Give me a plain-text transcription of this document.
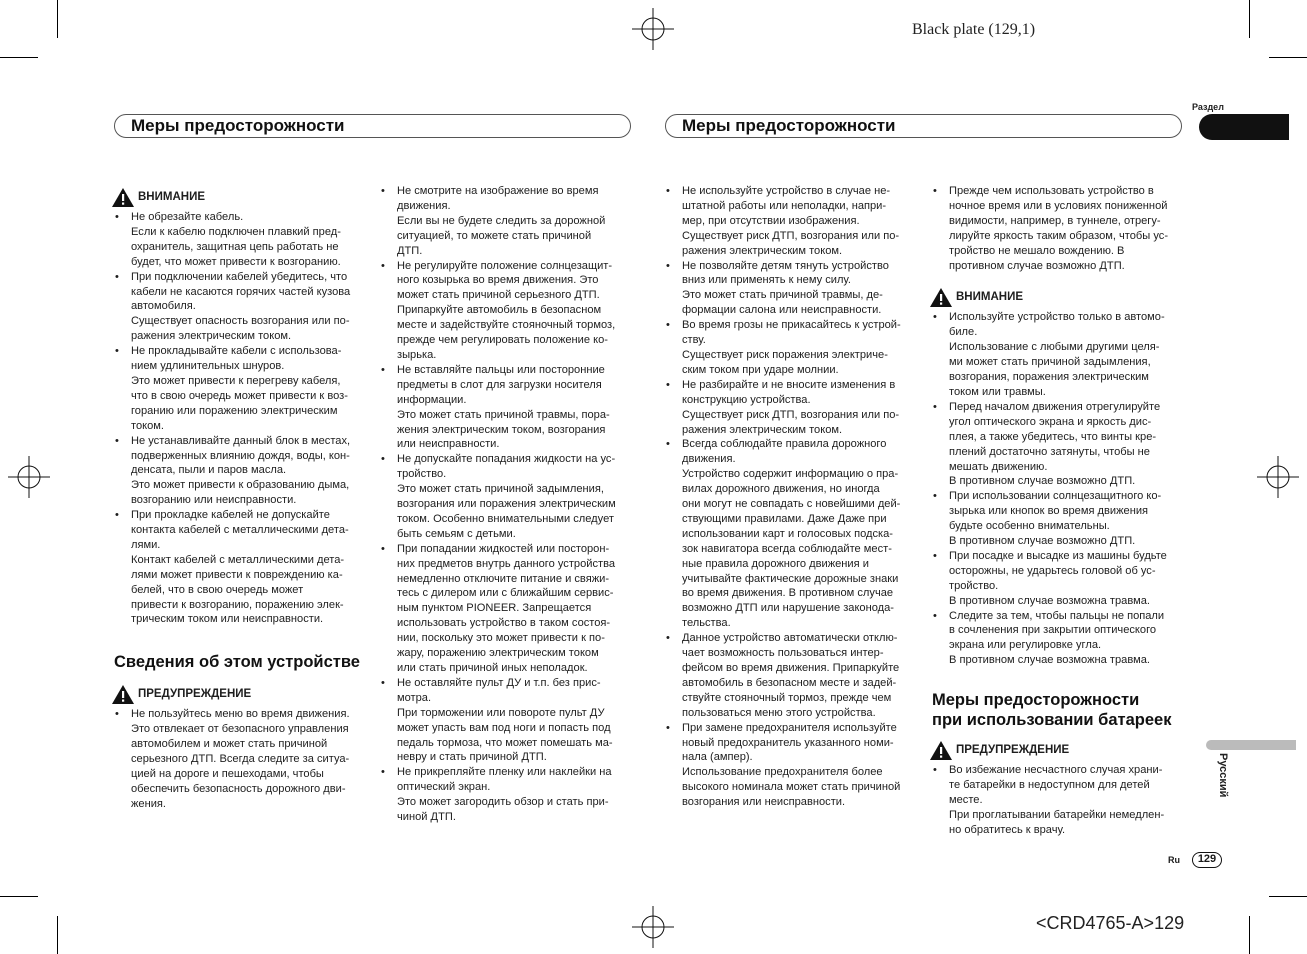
Black plate (129,1)
<CRD4765-A>129
Меры предосторожности	Меры предосторожности
Раздел
Русский
Ru	129
ВНИМАНИЕ
• Не обрезайте кабель.
Если к кабелю подключен плавкий пред-
охранитель, защитная цепь работать не
будет, что может привести к возгоранию.
• При подключении кабелей убедитесь, что
кабели не касаются горячих частей кузова
автомобиля.
Существует опасность возгорания или по-
ражения электрическим током.
• Не прокладывайте кабели с использова-
нием удлинительных шнуров.
Это может привести к перегреву кабеля,
что в свою очередь может привести к воз-
горанию или поражению электрическим
током.
• Не устанавливайте данный блок в местах,
подверженных влиянию дождя, воды, кон-
денсата, пыли и паров масла.
Это может привести к образованию дыма,
возгоранию или неисправности.
• При прокладке кабелей не допускайте
контакта кабелей с металлическими дета-
лями.
Контакт кабелей с металлическими дета-
лями может привести к повреждению ка-
белей, что в свою очередь может
привести к возгоранию, поражению элек-
трическим током или неисправности.
Сведения об этом устройстве
ПРЕДУПРЕЖДЕНИЕ
• Не пользуйтесь меню во время движения.
Это отвлекает от безопасного управления
автомобилем и может стать причиной
серьезного ДТП. Всегда следите за ситуа-
цией на дороге и пешеходами, чтобы
обеспечить безопасность дорожного дви-
жения.
• Не смотрите на изображение во время
движения.
Если вы не будете следить за дорожной
ситуацией, то можете стать причиной
ДТП.
• Не регулируйте положение солнцезащит-
ного козырька во время движения. Это
может стать причиной серьезного ДТП.
Припаркуйте автомобиль в безопасном
месте и задействуйте стояночный тормоз,
прежде чем регулировать положение ко-
зырька.
• Не вставляйте пальцы или посторонние
предметы в слот для загрузки носителя
информации.
Это может стать причиной травмы, пора-
жения электрическим током, возгорания
или неисправности.
• Не допускайте попадания жидкости на ус-
тройство.
Это может стать причиной задымления,
возгорания или поражения электрическим
током. Особенно внимательными следует
быть семьям с детьми.
• При попадании жидкостей или посторон-
них предметов внутрь данного устройства
немедленно отключите питание и свяжи-
тесь с дилером или с ближайшим сервис-
ным пунктом PIONEER. Запрещается
использовать устройство в таком состоя-
нии, поскольку это может привести к по-
жару, поражению электрическим током
или стать причиной иных неполадок.
• Не оставляйте пульт ДУ и т.п. без прис-
мотра.
При торможении или повороте пульт ДУ
может упасть вам под ноги и попасть под
педаль тормоза, что может помешать ма-
невру и стать причиной ДТП.
• Не прикрепляйте пленку или наклейки на
оптический экран.
Это может загородить обзор и стать при-
чиной ДТП.
• Не используйте устройство в случае не-
штатной работы или неполадки, напри-
мер, при отсутствии изображения.
Существует риск ДТП, возгорания или по-
ражения электрическим током.
• Не позволяйте детям тянуть устройство
вниз или применять к нему силу.
Это может стать причиной травмы, де-
формации салона или неисправности.
• Во время грозы не прикасайтесь к устрой-
ству.
Существует риск поражения электриче-
ским током при ударе молнии.
• Не разбирайте и не вносите изменения в
конструкцию устройства.
Существует риск ДТП, возгорания или по-
ражения электрическим током.
• Всегда соблюдайте правила дорожного
движения.
Устройство содержит информацию о пра-
вилах дорожного движения, но иногда
они могут не совпадать с новейшими дей-
ствующими правилами. Даже Даже при
использовании карт и голосовых подска-
зок навигатора всегда соблюдайте мест-
ные правила дорожного движения и
учитывайте фактические дорожные знаки
во время движения. В противном случае
возможно ДТП или нарушение законода-
тельства.
• Данное устройство автоматически отклю-
чает возможность пользоваться интер-
фейсом во время движения. Припаркуйте
автомобиль в безопасном месте и задей-
ствуйте стояночный тормоз, прежде чем
пользоваться меню этого устройства.
• При замене предохранителя используйте
новый предохранитель указанного номи-
нала (ампер).
Использование предохранителя более
высокого номинала может стать причиной
возгорания или неисправности.
• Прежде чем использовать устройство в
ночное время или в условиях пониженной
видимости, например, в туннеле, отрегу-
лируйте яркость таким образом, чтобы ус-
тройство не мешало вождению. В
противном случае возможно ДТП.
ВНИМАНИЕ
• Используйте устройство только в автомо-
биле.
Использование с любыми другими целя-
ми может стать причиной задымления,
возгорания, поражения электрическим
током или травмы.
• Перед началом движения отрегулируйте
угол оптического экрана и яркость дис-
плея, а также убедитесь, что винты кре-
плений достаточно затянуты, чтобы не
мешать движению.
В противном случае возможно ДТП.
• При использовании солнцезащитного ко-
зырька или кнопок во время движения
будьте особенно внимательны.
В противном случае возможно ДТП.
• При посадке и высадке из машины будьте
осторожны, не ударьтесь головой об ус-
тройство.
В противном случае возможна травма.
• Следите за тем, чтобы пальцы не попали
в сочленения при закрытии оптического
экрана или регулировке угла.
В противном случае возможна травма.
Меры предосторожности
при использовании батареек
ПРЕДУПРЕЖДЕНИЕ
• Во избежание несчастного случая храни-
те батарейки в недоступном для детей
месте.
При проглатывании батарейки немедлен-
но обратитесь к врачу.
